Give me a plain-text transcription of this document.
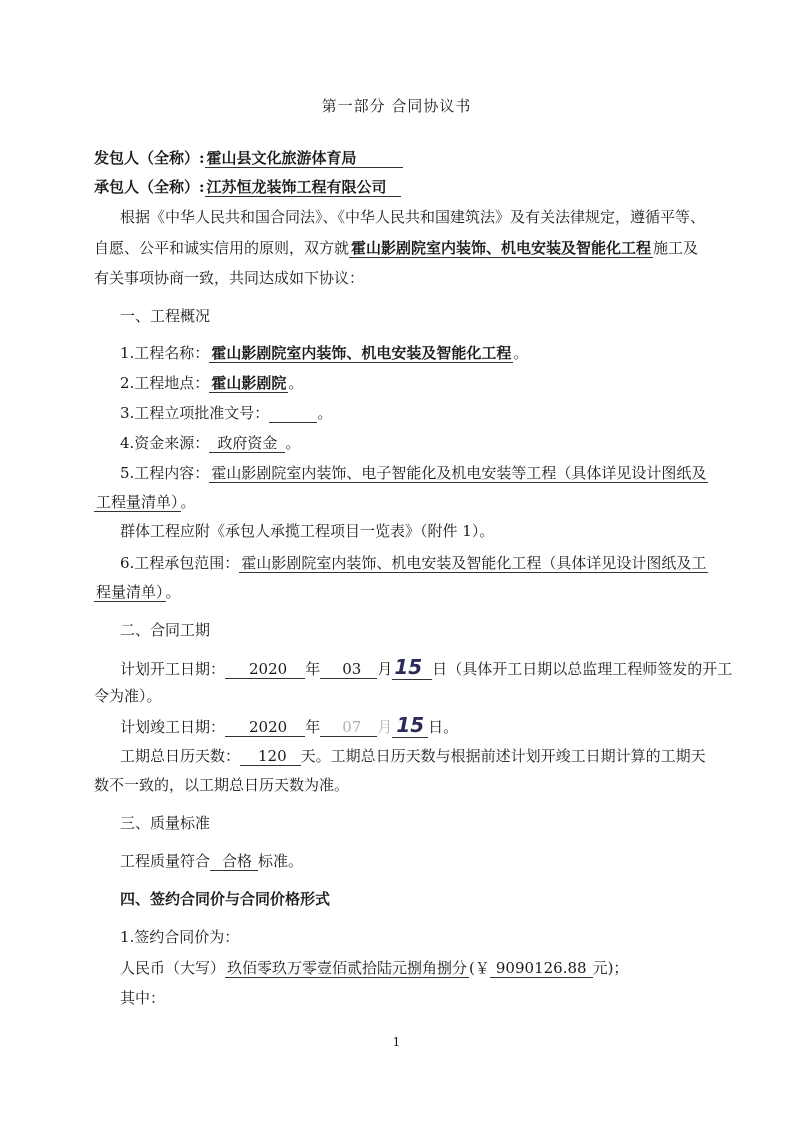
第一部分 合同协议书
发包人（全称）: 霍山县文化旅游体育局
承包人（全称）: 江苏恒龙装饰工程有限公司
根据《中华人民共和国合同法》、《中华人民共和国建筑法》及有关法律规定，遵循平等、
自愿、公平和诚实信用的原则，双方就 霍山影剧院室内装饰、机电安装及智能化工程 施工及
有关事项协商一致，共同达成如下协议：
一、工程概况
1.工程名称： 霍山影剧院室内装饰、机电安装及智能化工程 。
2.工程地点： 霍山影剧院 。
3.工程立项批准文号：	。
4.资金来源： 政府资金 。
5.工程内容： 霍山影剧院室内装饰、电子智能化及机电安装等工程（具体详见设计图纸及
工程量清单） 。
群体工程应附《承包人承揽工程项目一览表》（附件 1）。
6.工程承包范围： 霍山影剧院室内装饰、机电安装及智能化工程（具体详见设计图纸及工
程量清单） 。
二、合同工期
计划开工日期： 2020 年 03 月 15 日（具体开工日期以总监理工程师签发的开工
令为准）。
计划竣工日期： 2020 年 07 月 15 日。
工期总日历天数： 120 天。工期总日历天数与根据前述计划开竣工日期计算的工期天
数不一致的，以工期总日历天数为准。
三、质量标准
工程质量符合 合格 标准。
四、签约合同价与合同价格形式
1.签约合同价为：
人民币（大写） 玖佰零玖万零壹佰贰拾陆元捌角捌分 (￥ 9090126.88 元)；
其中：
1
